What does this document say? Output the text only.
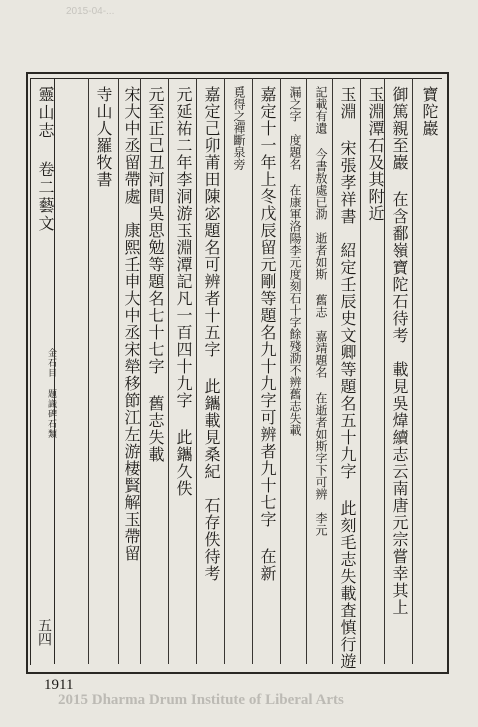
2015-04-...
靈山志 卷二藝文
金石目 題識碑石類
五四
寶陀巖
御篤親至巖 在含鄱嶺寶陀石待考　載見吳煒續志云南唐元宗嘗幸其上
玉淵潭石及其附近
玉淵 宋張孝祥書　紹定壬辰史文卿等題名五十九字 此刻毛志失載査慎行遊
記載有遺 今書敖處已泐　逝者如斯 舊志　嘉靖題名 在逝者如斯字下可辨　李元
漏之字　度題名 在康軍洛陽李元度刻石十字餘殘泐不辨舊志失載
嘉定十一年上冬戊辰留元剛等題名九十九字可辨者九十七字 在新
覓得之禪斷泉旁
嘉定己卯莆田陳宓題名可辨者十五字 此鑴載見桑紀　石存佚待考
元延祐二年李洞游玉淵潭記凡一百四十九字 此鑴久佚
元至正己丑河間吳思勉等題名七十七字 舊志失載
宋大中丞留帶處　康熙壬申大中丞宋犖移節江左游棲賢解玉帶留
寺山人羅牧書
1911
2015 Dharma Drum Institute of Liberal Arts
